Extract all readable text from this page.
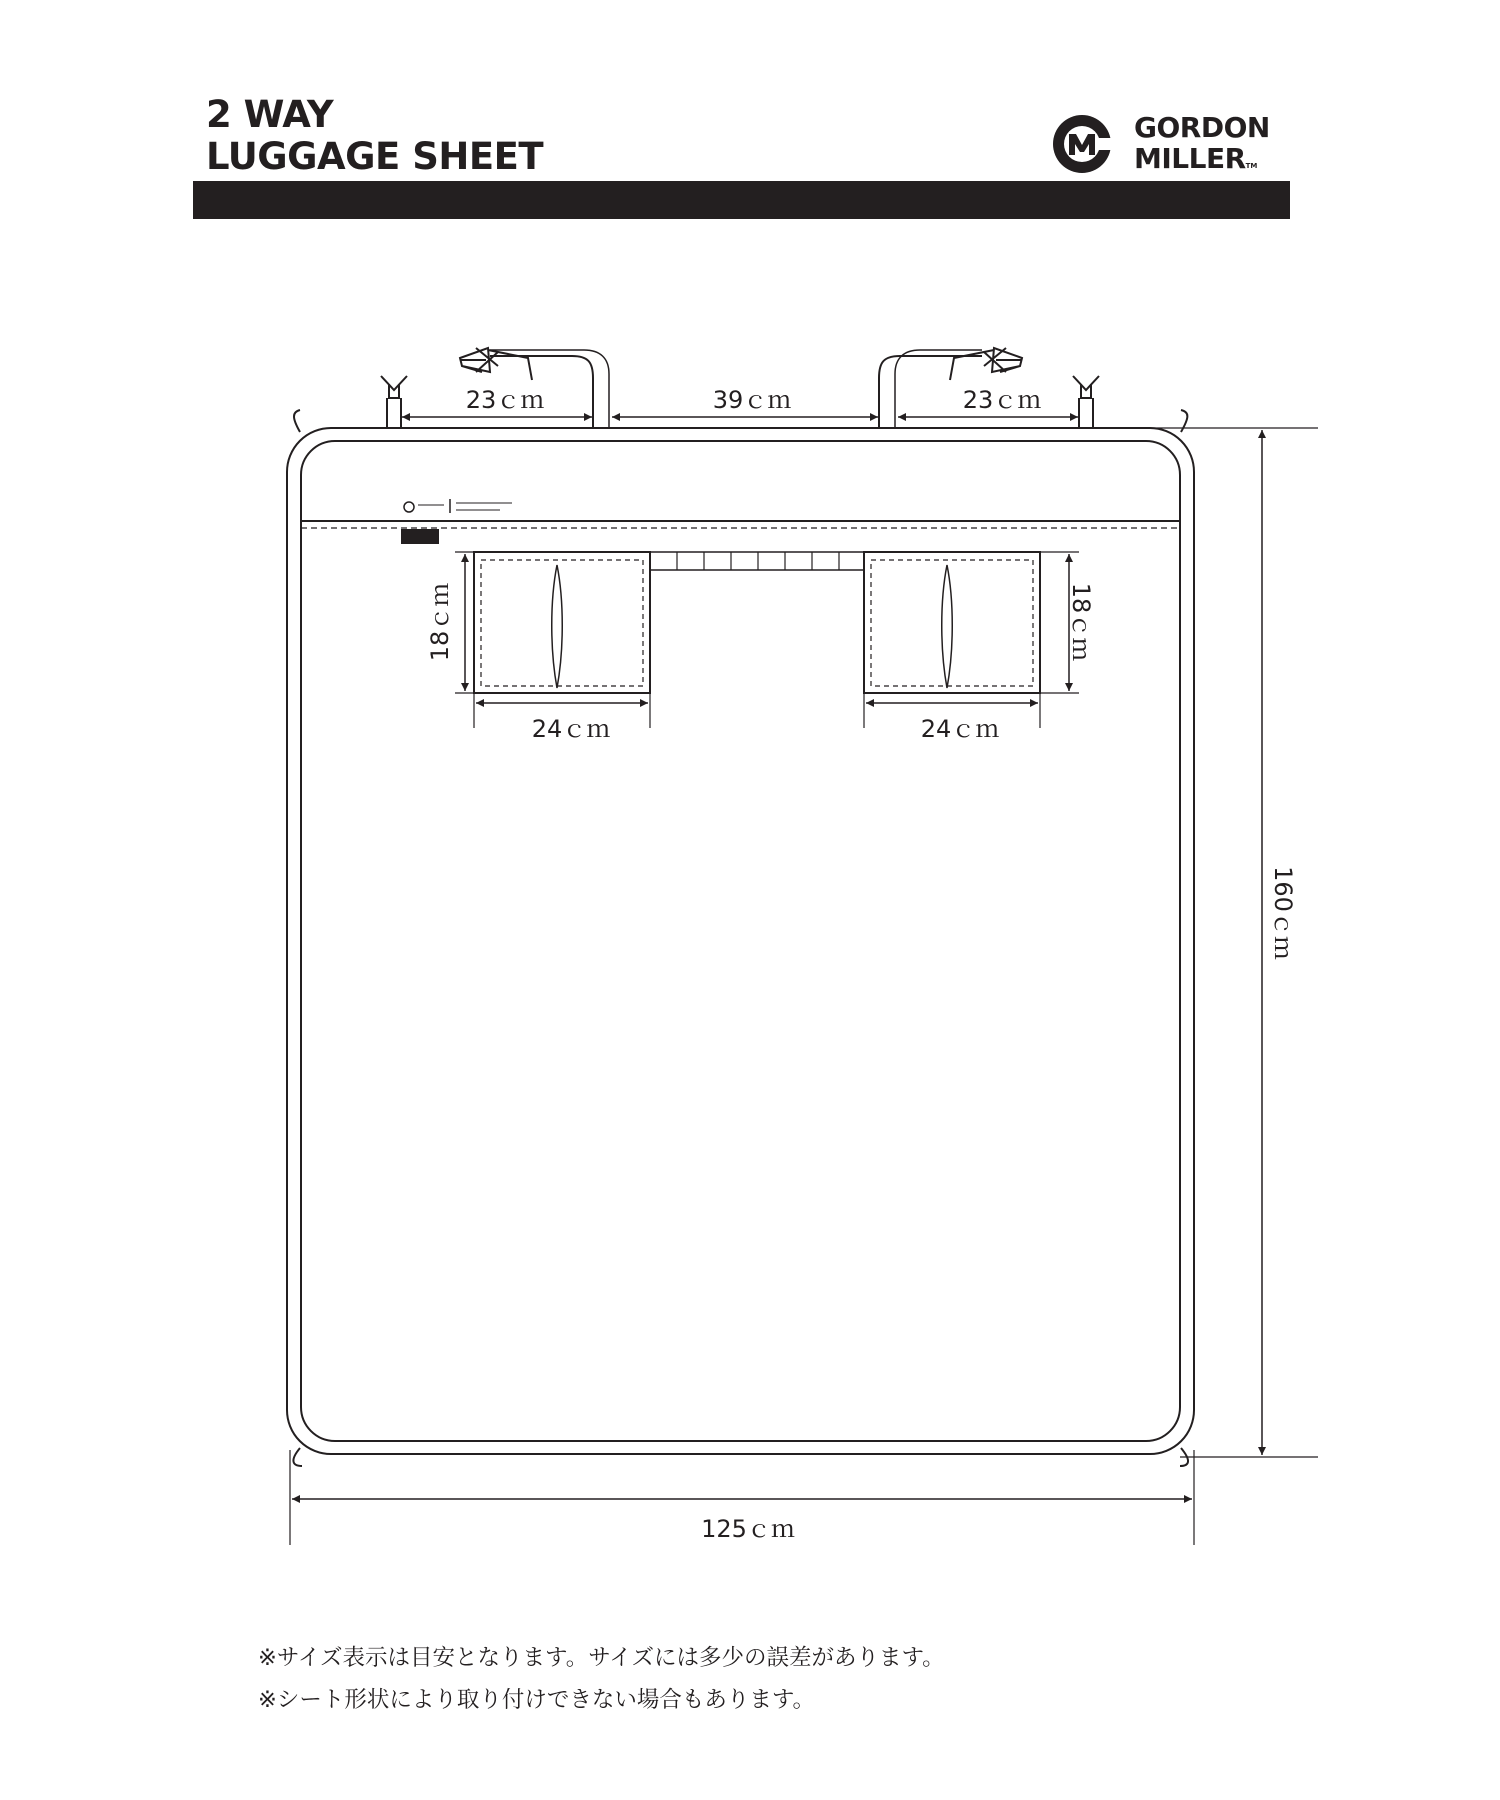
2 WAY
LUGGAGE SHEET
GORDON
MILLERTM
23ｃｍ	39ｃｍ	23ｃｍ
18ｃｍ	18ｃｍ
24ｃｍ	24ｃｍ
160ｃｍ
125ｃｍ
※サイズ表示は目安となります。サイズには多少の誤差があります。
※シート形状により取り付けできない場合もあります。
